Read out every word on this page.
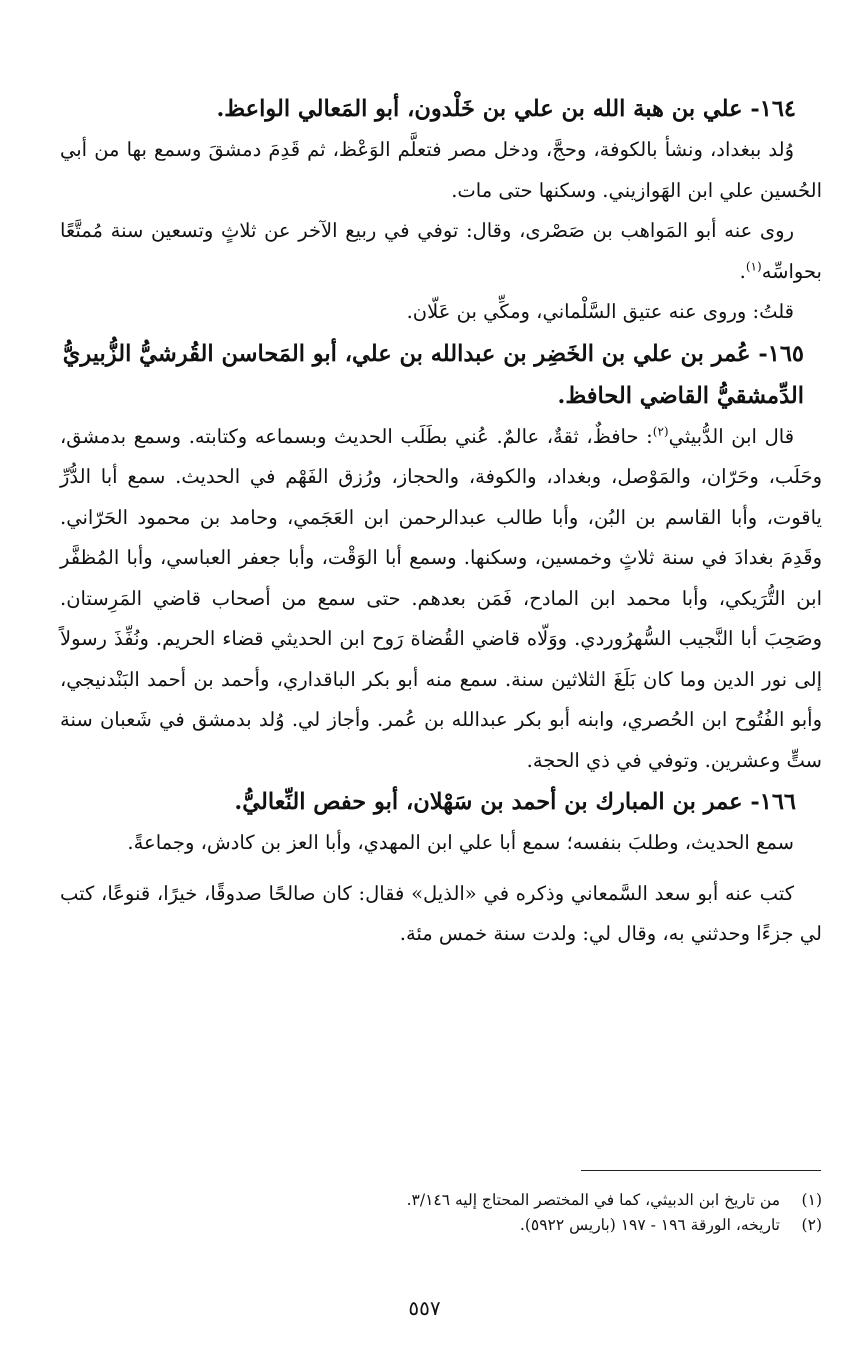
١٦٤- علي بن هبة الله بن علي بن خَلْدون، أبو المَعالي الواعظ.

وُلد ببغداد، ونشأ بالكوفة، وحجَّ، ودخل مصر فتعلَّم الوَعْظ، ثم قَدِمَ دمشقَ وسمع بها من أبي الحُسين علي ابن الهَوازيني. وسكنها حتى مات.

روى عنه أبو المَواهب بن صَصْرى، وقال: توفي في ربيع الآخر عن ثلاثٍ وتسعين سنة مُمتَّعًا بحواسِّه$^{(١)}$.

قلتُ: وروى عنه عتيق السَّلْماني، ومكِّي بن عَلّان.

١٦٥- عُمر بن علي بن الخَضِر بن عبدالله بن علي، أبو المَحاسن القُرشيُّ الزُّبيريُّ الدِّمشقيُّ القاضي الحافظ.

قال ابن الدُّبيثي$^{(٢)}$: حافظٌ، ثقةٌ، عالمٌ. عُني بطَلَب الحديث وبسماعه وكتابته. وسمع بدمشق، وحَلَب، وحَرّان، والمَوْصل، وبغداد، والكوفة، والحجاز، ورُزق الفَهْم في الحديث. سمع أبا الدُّرِّ ياقوت، وأبا القاسم بن البُن، وأبا طالب عبدالرحمن ابن العَجَمي، وحامد بن محمود الحَرّاني. وقَدِمَ بغدادَ في سنة ثلاثٍ وخمسين، وسكنها. وسمع أبا الوَقْت، وأبا جعفر العباسي، وأبا المُظفَّر ابن التُّرَيكي، وأبا محمد ابن المادح، فَمَن بعدهم. حتى سمع من أصحاب قاضي المَرِستان. وصَحِبَ أبا النَّجيب السُّهرُوردي. ووَلّاه قاضي القُضاة رَوح ابن الحديثي قضاء الحريم. ونُفِّذَ رسولاً إلى نور الدين وما كان بَلَغَ الثلاثين سنة. سمع منه أبو بكر الباقداري، وأحمد بن أحمد البَنْدنيجي، وأبو الفُتُوح ابن الحُصري، وابنه أبو بكر عبدالله بن عُمر. وأجاز لي. وُلد بدمشق في شَعبان سنة ستٍّ وعشرين. وتوفي في ذي الحجة.

١٦٦- عمر بن المبارك بن أحمد بن سَهْلان، أبو حفص النِّعاليُّ.

سمع الحديث، وطلبَ بنفسه؛ سمع أبا علي ابن المهدي، وأبا العز بن كادش، وجماعةً.

كتب عنه أبو سعد السَّمعاني وذكره في «الذيل» فقال: كان صالحًا صدوقًا، خيرًا، قنوعًا، كتب لي جزءًا وحدثني به، وقال لي: ولدت سنة خمس مئة.

(١)
من تاريخ ابن الدبيثي، كما في المختصر المحتاج إليه ٣/١٤٦.
(٢)
تاريخه، الورقة ١٩٦ - ١٩٧ (باريس ٥٩٢٢).
٥٥٧
